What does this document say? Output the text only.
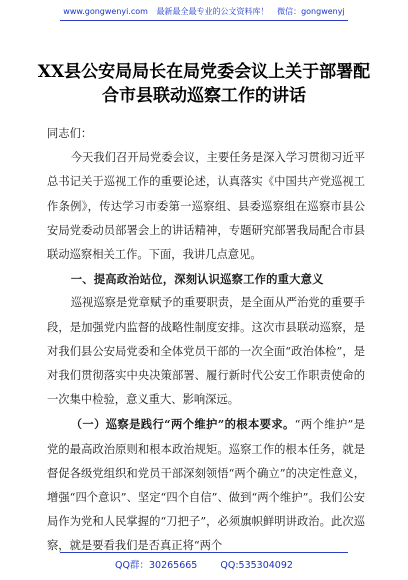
www.gongwenyi.com 最新最全最专业的公文资料库！ 微信：gongwenyj
XX县公安局局长在局党委会议上关于部署配合市县联动巡察工作的讲话

同志们：

今天我们召开局党委会议，主要任务是深入学习贯彻习近平总书记关于巡视工作的重要论述，认真落实《中国共产党巡视工作条例》，传达学习市委第一巡察组、县委巡察组在巡察市县公安局党委动员部署会上的讲话精神，专题研究部署我局配合市县联动巡察相关工作。下面，我讲几点意见。

一、提高政治站位，深刻认识巡察工作的重大意义

巡视巡察是党章赋予的重要职责，是全面从严治党的重要手段，是加强党内监督的战略性制度安排。这次市县联动巡察，是对我们县公安局党委和全体党员干部的一次全面“政治体检”，是对我们贯彻落实中央决策部署、履行新时代公安工作职责使命的一次集中检验，意义重大、影响深远。

（一）巡察是践行“两个维护”的根本要求。“两个维护”是党的最高政治原则和根本政治规矩。巡察工作的根本任务，就是督促各级党组织和党员干部深刻领悟“两个确立”的决定性意义，增强“四个意识”、坚定“四个自信”、做到“两个维护”。我们公安局作为党和人民掌握的“刀把子”，必须旗帜鲜明讲政治。此次巡察，就是要看我们是否真正将“两个

QQ群：30265665 QQ:535304092
